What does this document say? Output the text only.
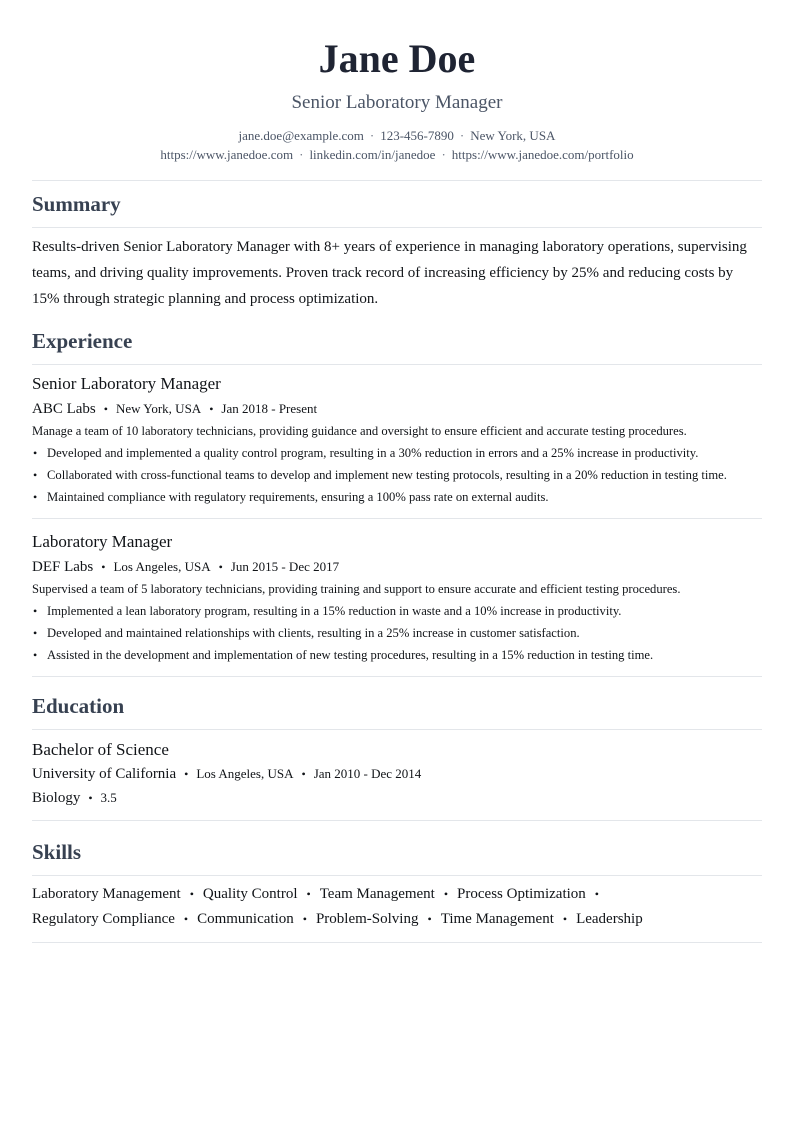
Jane Doe
Senior Laboratory Manager
jane.doe@example.com · 123-456-7890 · New York, USA
https://www.janedoe.com · linkedin.com/in/janedoe · https://www.janedoe.com/portfolio
Summary
Results-driven Senior Laboratory Manager with 8+ years of experience in managing laboratory operations, supervising teams, and driving quality improvements. Proven track record of increasing efficiency by 25% and reducing costs by 15% through strategic planning and process optimization.
Experience
Senior Laboratory Manager
ABC Labs • New York, USA • Jan 2018 - Present
Manage a team of 10 laboratory technicians, providing guidance and oversight to ensure efficient and accurate testing procedures.
• Developed and implemented a quality control program, resulting in a 30% reduction in errors and a 25% increase in productivity.
• Collaborated with cross-functional teams to develop and implement new testing protocols, resulting in a 20% reduction in testing time.
• Maintained compliance with regulatory requirements, ensuring a 100% pass rate on external audits.
Laboratory Manager
DEF Labs • Los Angeles, USA • Jun 2015 - Dec 2017
Supervised a team of 5 laboratory technicians, providing training and support to ensure accurate and efficient testing procedures.
• Implemented a lean laboratory program, resulting in a 15% reduction in waste and a 10% increase in productivity.
• Developed and maintained relationships with clients, resulting in a 25% increase in customer satisfaction.
• Assisted in the development and implementation of new testing procedures, resulting in a 15% reduction in testing time.
Education
Bachelor of Science
University of California • Los Angeles, USA • Jan 2010 - Dec 2014
Biology • 3.5
Skills
Laboratory Management • Quality Control • Team Management • Process Optimization •
Regulatory Compliance • Communication • Problem-Solving • Time Management • Leadership
